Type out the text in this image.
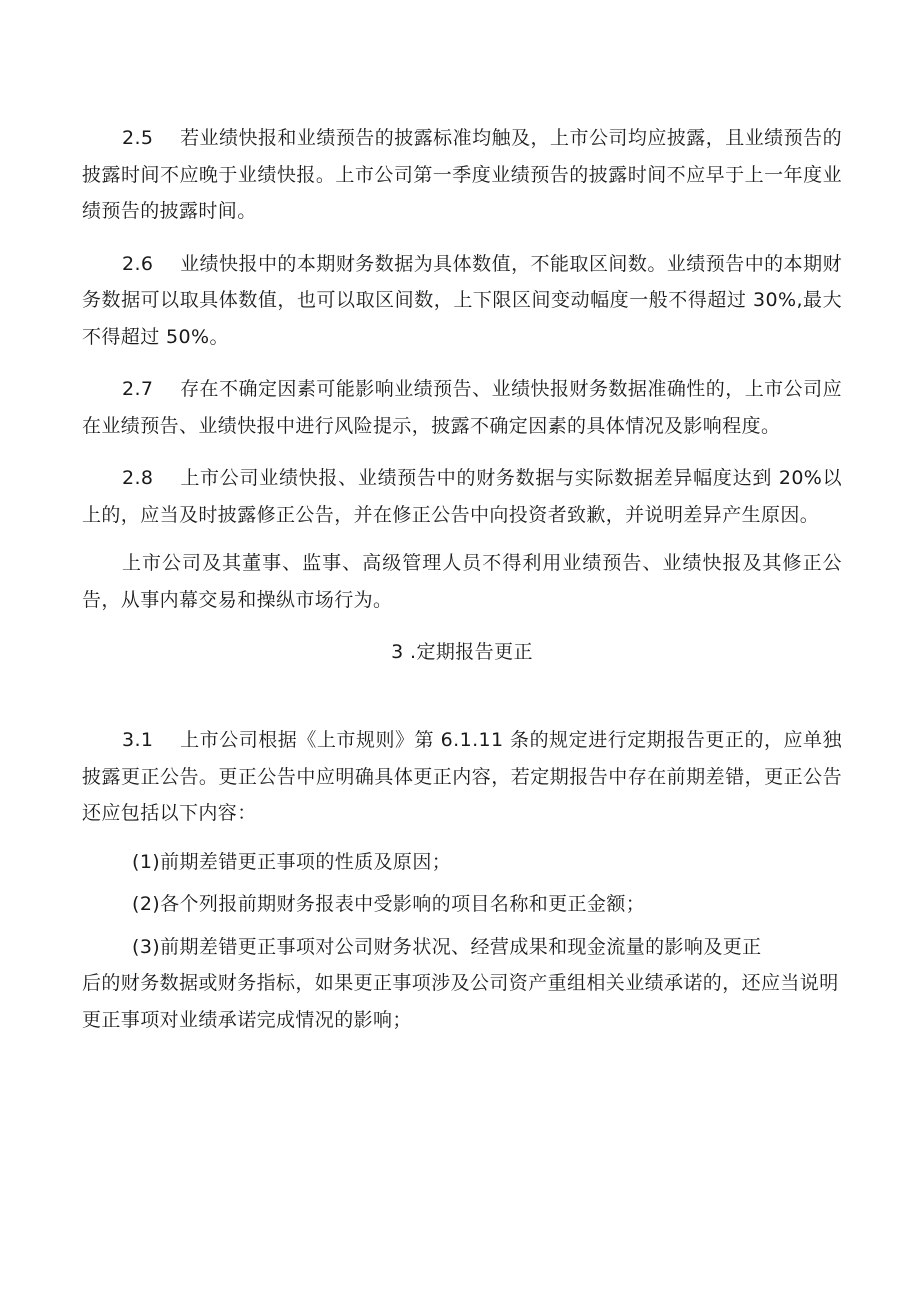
2.5 若业绩快报和业绩预告的披露标准均触及，上市公司均应披露，且业绩预告的披露时间不应晚于业绩快报。上市公司第一季度业绩预告的披露时间不应早于上一年度业绩预告的披露时间。

2.6 业绩快报中的本期财务数据为具体数值，不能取区间数。业绩预告中的本期财务数据可以取具体数值，也可以取区间数，上下限区间变动幅度一般不得超过 30%,最大不得超过 50%。

2.7 存在不确定因素可能影响业绩预告、业绩快报财务数据准确性的，上市公司应在业绩预告、业绩快报中进行风险提示，披露不确定因素的具体情况及影响程度。

2.8 上市公司业绩快报、业绩预告中的财务数据与实际数据差异幅度达到 20%以上的，应当及时披露修正公告，并在修正公告中向投资者致歉，并说明差异产生原因。

上市公司及其董事、监事、高级管理人员不得利用业绩预告、业绩快报及其修正公告，从事内幕交易和操纵市场行为。

3 .定期报告更正

3.1 上市公司根据《上市规则》第 6.1.11 条的规定进行定期报告更正的，应单独披露更正公告。更正公告中应明确具体更正内容，若定期报告中存在前期差错，更正公告还应包括以下内容：

(1)前期差错更正事项的性质及原因；

(2)各个列报前期财务报表中受影响的项目名称和更正金额；

(3)前期差错更正事项对公司财务状况、经营成果和现金流量的影响及更正

后的财务数据或财务指标，如果更正事项涉及公司资产重组相关业绩承诺的，还应当说明更正事项对业绩承诺完成情况的影响；
